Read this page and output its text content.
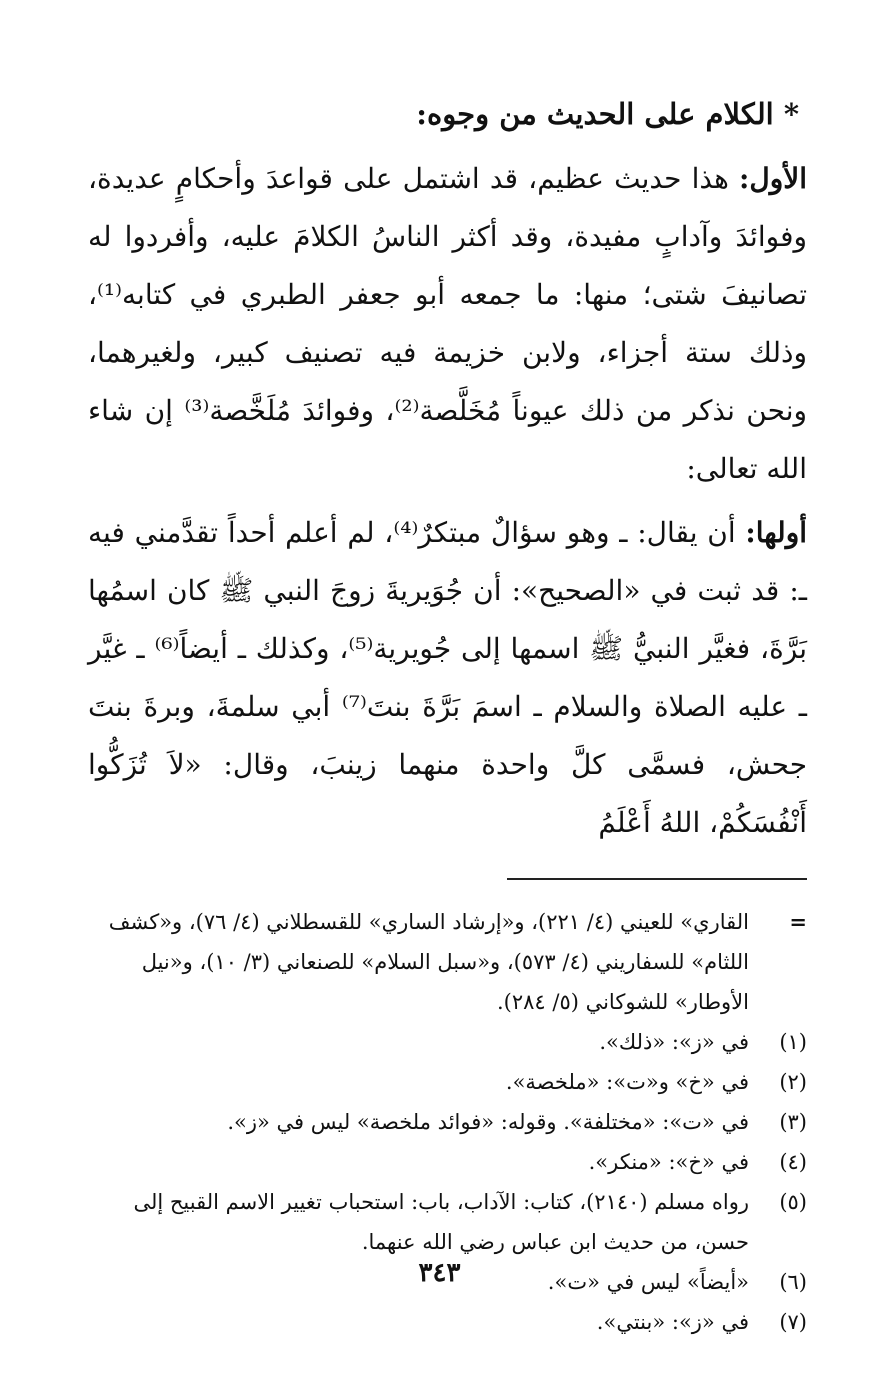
* الكلام على الحديث من وجوه:

الأول: هذا حديث عظيم، قد اشتمل على قواعدَ وأحكامٍ عديدة، وفوائدَ وآدابٍ مفيدة، وقد أكثر الناسُ الكلامَ عليه، وأفردوا له تصانيفَ شتى؛ منها: ما جمعه أبو جعفر الطبري في كتابه⁽¹⁾، وذلك ستة أجزاء، ولابن خزيمة فيه تصنيف كبير، ولغيرهما، ونحن نذكر من ذلك عيوناً مُخَلَّصة⁽²⁾، وفوائدَ مُلَخَّصة⁽³⁾ إن شاء الله تعالى:

أولها: أن يقال: ـ وهو سؤالٌ مبتكرٌ⁽⁴⁾، لم أعلم أحداً تقدَّمني فيه ـ: قد ثبت في «الصحيح»: أن جُوَيريةَ زوجَ النبي ﷺ كان اسمُها بَرَّةَ، فغيَّر النبيُّ ﷺ اسمها إلى جُويرية⁽⁵⁾، وكذلك ـ أيضاً⁽⁶⁾ ـ غيَّر ـ عليه الصلاة والسلام ـ اسمَ بَرَّةَ بنتَ⁽⁷⁾ أبي سلمةَ، وبرةَ بنتَ جحش، فسمَّى كلَّ واحدة منهما زينبَ، وقال: «لاَ تُزَكُّوا أَنْفُسَكُمْ، اللهُ أَعْلَمُ

=
القاري» للعيني (٤/ ٢٢١)، و«إرشاد الساري» للقسطلاني (٤/ ٧٦)، و«كشف اللثام» للسفاريني (٤/ ٥٧٣)، و«سبل السلام» للصنعاني (٣/ ١٠)، و«نيل الأوطار» للشوكاني (٥/ ٢٨٤).
(١)
في «ز»: «ذلك».
(٢)
في «خ» و«ت»: «ملخصة».
(٣)
في «ت»: «مختلفة». وقوله: «فوائد ملخصة» ليس في «ز».
(٤)
في «خ»: «منكر».
(٥)
رواه مسلم (٢١٤٠)، كتاب: الآداب، باب: استحباب تغيير الاسم القبيح إلى حسن، من حديث ابن عباس رضي الله عنهما.
(٦)
«أيضاً» ليس في «ت».
(٧)
في «ز»: «بنتي».
٣٤٣
